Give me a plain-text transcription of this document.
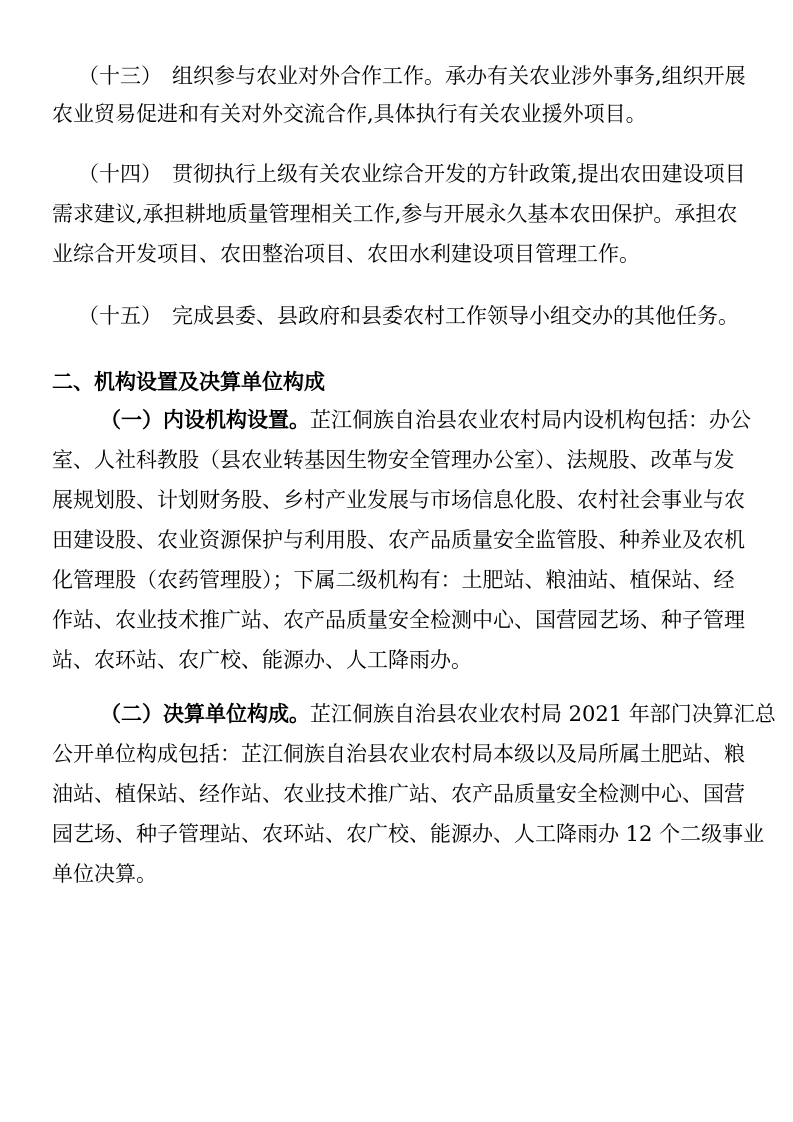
（十三） 组织参与农业对外合作工作。承办有关农业涉外事务,组织开展
农业贸易促进和有关对外交流合作,具体执行有关农业援外项目。
（十四） 贯彻执行上级有关农业综合开发的方针政策,提出农田建设项目
需求建议,承担耕地质量管理相关工作,参与开展永久基本农田保护。承担农
业综合开发项目、农田整治项目、农田水利建设项目管理工作。
（十五） 完成县委、县政府和县委农村工作领导小组交办的其他任务。
二、机构设置及决算单位构成
（一）内设机构设置。芷江侗族自治县农业农村局内设机构包括：办公
室、人社科教股（县农业转基因生物安全管理办公室）、法规股、改革与发
展规划股、计划财务股、乡村产业发展与市场信息化股、农村社会事业与农
田建设股、农业资源保护与利用股、农产品质量安全监管股、种养业及农机
化管理股（农药管理股）；下属二级机构有：土肥站、粮油站、植保站、经
作站、农业技术推广站、农产品质量安全检测中心、国营园艺场、种子管理
站、农环站、农广校、能源办、人工降雨办。
（二）决算单位构成。芷江侗族自治县农业农村局 2021 年部门决算汇总
公开单位构成包括：芷江侗族自治县农业农村局本级以及局所属土肥站、粮
油站、植保站、经作站、农业技术推广站、农产品质量安全检测中心、国营
园艺场、种子管理站、农环站、农广校、能源办、人工降雨办 12 个二级事业
单位决算。
